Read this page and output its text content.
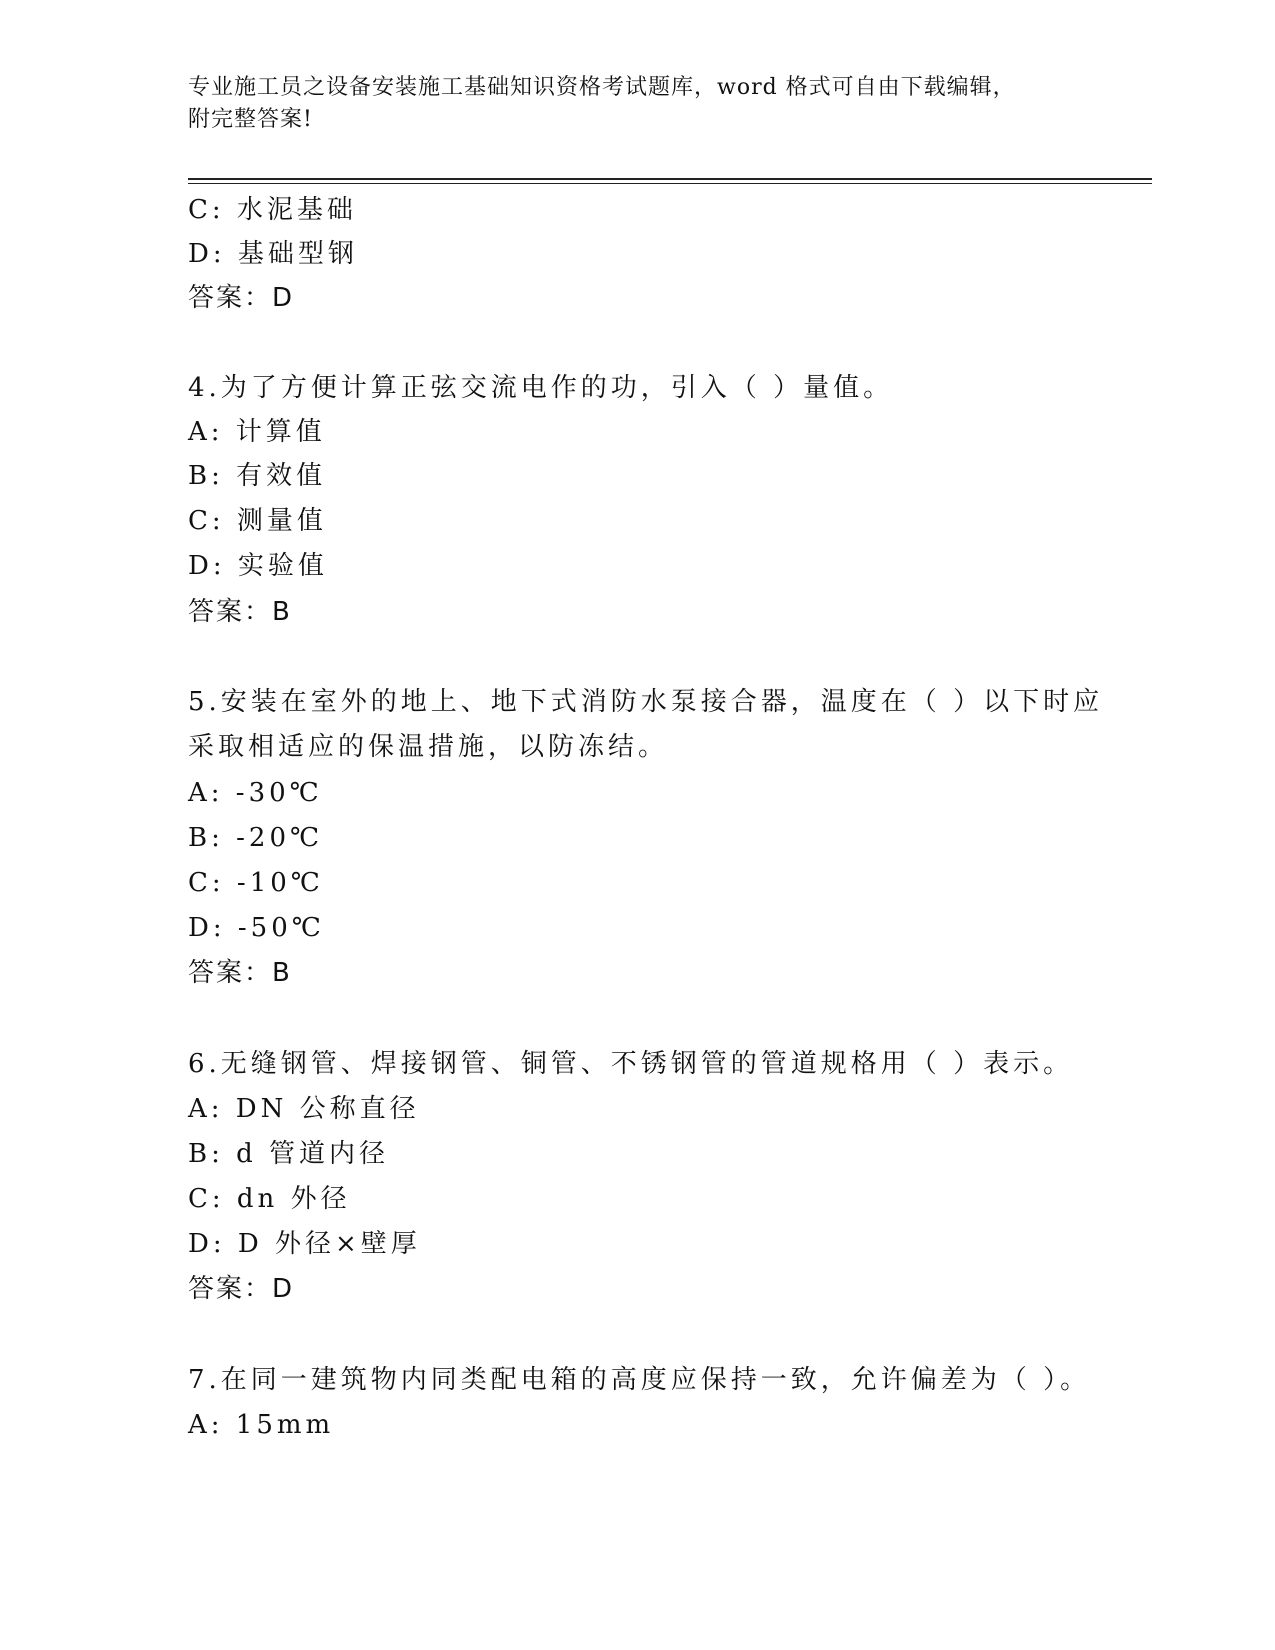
专业施工员之设备安装施工基础知识资格考试题库，word 格式可自由下载编辑，
附完整答案!
C: 水泥基础
D: 基础型钢
答案：D
4.为了方便计算正弦交流电作的功，引入（ ）量值。
A: 计算值
B: 有效值
C: 测量值
D: 实验值
答案：B
5.安装在室外的地上、地下式消防水泵接合器，温度在（ ）以下时应
采取相适应的保温措施，以防冻结。
A: -30℃
B: -20℃
C: -10℃
D: -50℃
答案：B
6.无缝钢管、焊接钢管、铜管、不锈钢管的管道规格用（ ）表示。
A: DN 公称直径
B: d 管道内径
C: dn 外径
D: D 外径×壁厚
答案：D
7.在同一建筑物内同类配电箱的高度应保持一致，允许偏差为（ ）。
A: 15mm
